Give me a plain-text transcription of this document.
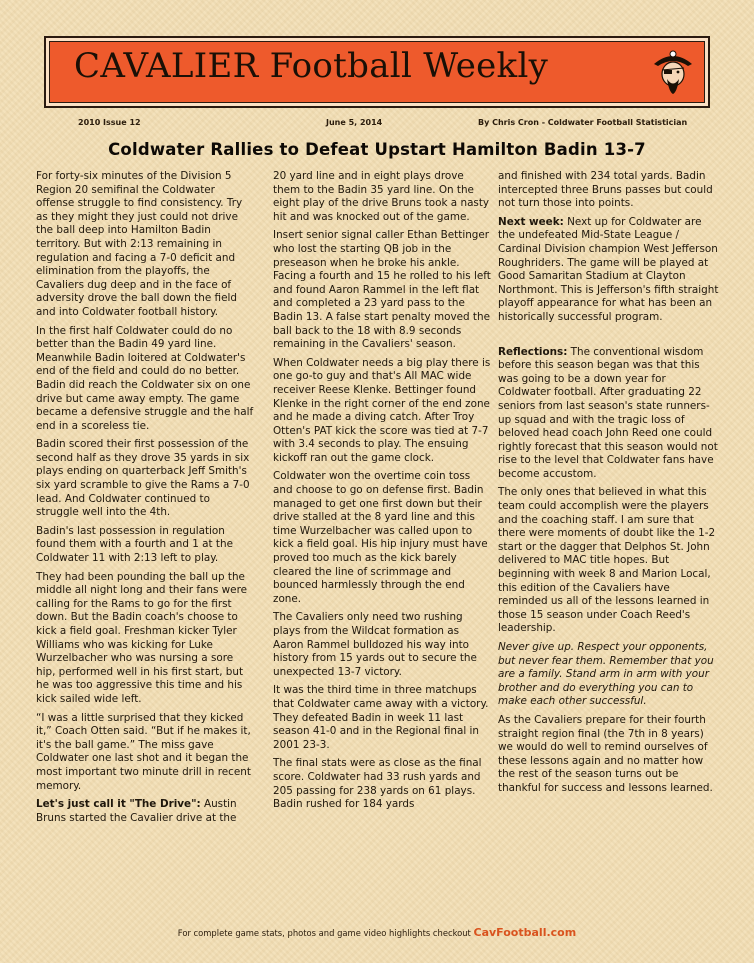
CAVALIER Football Weekly
2010 Issue 12	June 5, 2014	By Chris Cron - Coldwater Football Statistician
Coldwater Rallies to Defeat Upstart Hamilton Badin 13-7

For forty-six minutes of the Division 5 Region 20 semifinal the Coldwater offense struggle to find consistency. Try as they might they just could not drive the ball deep into Hamilton Badin territory. But with 2:13 remaining in regulation and facing a 7-0 deficit and elimination from the playoffs, the Cavaliers dug deep and in the face of adversity drove the ball down the field and into Coldwater football history.

In the first half Coldwater could do no better than the Badin 49 yard line. Meanwhile Badin loitered at Coldwater's end of the field and could do no better. Badin did reach the Coldwater six on one drive but came away empty. The game became a defensive struggle and the half end in a scoreless tie.

Badin scored their first possession of the second half as they drove 35 yards in six plays ending on quarterback Jeff Smith's six yard scramble to give the Rams a 7-0 lead. And Coldwater continued to struggle well into the 4th.

Badin's last possession in regulation found them with a fourth and 1 at the Coldwater 11 with 2:13 left to play.

They had been pounding the ball up the middle all night long and their fans were calling for the Rams to go for the first down. But the Badin coach's choose to kick a field goal. Freshman kicker Tyler Williams who was kicking for Luke Wurzelbacher who was nursing a sore hip, performed well in his first start, but he was too aggressive this time and his kick sailed wide left.

“I was a little surprised that they kicked it,” Coach Otten said. “But if he makes it, it's the ball game.” The miss gave Coldwater one last shot and it began the most important two minute drill in recent memory.

Let's just call it "The Drive": Austin Bruns started the Cavalier drive at the

20 yard line and in eight plays drove them to the Badin 35 yard line. On the eight play of the drive Bruns took a nasty hit and was knocked out of the game.

Insert senior signal caller Ethan Bettinger who lost the starting QB job in the preseason when he broke his ankle. Facing a fourth and 15 he rolled to his left and found Aaron Rammel in the left flat and completed a 23 yard pass to the Badin 13. A false start penalty moved the ball back to the 18 with 8.9 seconds remaining in the Cavaliers' season.

When Coldwater needs a big play there is one go-to guy and that's All MAC wide receiver Reese Klenke. Bettinger found Klenke in the right corner of the end zone and he made a diving catch. After Troy Otten's PAT kick the score was tied at 7-7 with 3.4 seconds to play. The ensuing kickoff ran out the game clock.

Coldwater won the overtime coin toss and choose to go on defense first. Badin managed to get one first down but their drive stalled at the 8 yard line and this time Wurzelbacher was called upon to kick a field goal. His hip injury must have proved too much as the kick barely cleared the line of scrimmage and bounced harmlessly through the end zone.

The Cavaliers only need two rushing plays from the Wildcat formation as Aaron Rammel bulldozed his way into history from 15 yards out to secure the unexpected 13-7 victory.

It was the third time in three matchups that Coldwater came away with a victory. They defeated Badin in week 11 last season 41-0 and in the Regional final in 2001 23-3.

The final stats were as close as the final score. Coldwater had 33 rush yards and 205 passing for 238 yards on 61 plays. Badin rushed for 184 yards

and finished with 234 total yards. Badin intercepted three Bruns passes but could not turn those into points.

Next week: Next up for Coldwater are the undefeated Mid-State League / Cardinal Division champion West Jefferson Roughriders. The game will be played at Good Samaritan Stadium at Clayton Northmont. This is Jefferson's fifth straight playoff appearance for what has been an historically successful program.

Reflections: The conventional wisdom before this season began was that this was going to be a down year for Coldwater football. After graduating 22 seniors from last season's state runners-up squad and with the tragic loss of beloved head coach John Reed one could rightly forecast that this season would not rise to the level that Coldwater fans have become accustom.

The only ones that believed in what this team could accomplish were the players and the coaching staff. I am sure that there were moments of doubt like the 1-2 start or the dagger that Delphos St. John delivered to MAC title hopes. But beginning with week 8 and Marion Local, this edition of the Cavaliers have reminded us all of the lessons learned in those 15 season under Coach Reed's leadership.

Never give up. Respect your opponents, but never fear them. Remember that you are a family. Stand arm in arm with your brother and do everything you can to make each other successful.

As the Cavaliers prepare for their fourth straight region final (the 7th in 8 years) we would do well to remind ourselves of these lessons again and no matter how the rest of the season turns out be thankful for success and lessons learned.

For complete game stats, photos and game video highlights checkout CavFootball.com
